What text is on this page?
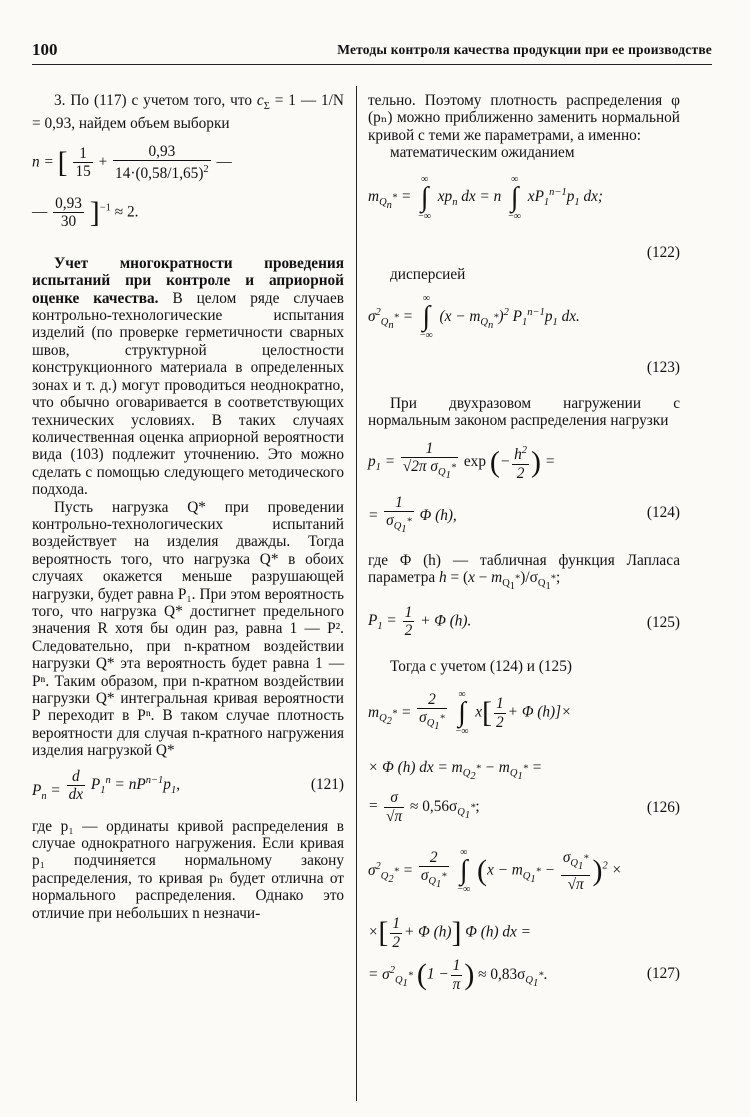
100	Методы контроля качества продукции при ее производстве

3. По (117) с учетом того, что $c_\Sigma = 1$ — 1/N = 0,93, найдем объем выборки

n = [ $\frac{1}{15} + \frac{0,93}{14\cdot(0,58/1,65)^2}$ —
— $\frac{0,93}{30} ]^{-1} \approx 2$.

Учет многократности проведения испытаний при контроле и априорной оценке качества. В целом ряде случаев контрольно-технологические испытания изделий (по проверке герметичности сварных швов, структурной целостности конструкционного материала в определенных зонах и т. д.) могут проводиться неоднократно, что обычно оговаривается в соответствующих технических условиях. В таких случаях количественная оценка априорной вероятности вида (103) подлежит уточнению. Это можно сделать с помощью следующего методического подхода.

Пусть нагрузка Q* при проведении контрольно-технологических испытаний воздействует на изделия дважды. Тогда вероятность того, что нагрузка Q* в обоих случаях окажется меньше разрушающей нагрузки, будет равна P₁. При этом вероятность того, что нагрузка Q* достигнет предельного значения R хотя бы один раз, равна 1 — P². Следовательно, при n-кратном воздействии нагрузки Q* эта вероятность будет равна 1 — Pⁿ. Таким образом, при n-кратном воздействии нагрузки Q* интегральная кривая вероятности P переходит в Pⁿ. В таком случае плотность вероятности для случая n-кратного нагружения изделия нагрузкой Q*

$P_n = \frac{d}{dx} P_1^n = nP^{n-1}p_1$,	(121)

где p₁ — ординаты кривой распределения в случае однократного нагружения. Если кривая p₁ подчиняется нормальному закону распределения, то кривая pₙ будет отлична от нормального распределения. Однако это отличие при небольших n незначи-

тельно. Поэтому плотность распределения φ (pₙ) можно приближенно заменить нормальной кривой с теми же параметрами, а именно:

математическим ожиданием

$m_{Q_n^*}$ =
∞
∫
−∞
$xp_n$ dx = n
∞
∫
−∞
$xP_1^{n-1}p_1$ dx;
(122)

дисперсией

$\sigma^2_{Q_n^*}$ =
∞
∫
−∞
$(x - m_{Q_n^*})^2$ $P_1^{n-1}p_1$ dx.
(123)

При двухразовом нагружении с нормальным законом распределения нагрузки

$p_1 = \frac{1}{√2\pi \sigma_{Q_1^*}}$ exp (− $\frac{h^2}{2}$ ) =
= $\frac{1}{\sigma_{Q_1^*}}$ Φ (h),	(124)

где Φ (h) — табличная функция Лапласа параметра $h = (x - m_{Q_1^*})/\sigma_{Q_1^*}$;

$P_1 = \frac{1}{2} + \Phi$ (h).	(125)

Тогда с учетом (124) и (125)

$m_{Q_2^*} = \frac{2}{\sigma_{Q_1^*}}$
∞
∫
−∞
$x[ \frac{1}{2} + \Phi$ (h)]×
× Φ (h) dx = $m_{Q_2^*} - m_{Q_1^*}$ =
= $\frac{\sigma}{√\pi} \approx 0,56\sigma_{Q_1^*}$;	(126)
$\sigma^2_{Q_2^*} = \frac{2}{\sigma_{Q_1^*}}$
∞
∫
−∞
$(x - m_{Q_1^*} - \frac{\sigma_{Q_1^*}}{√\pi} )^2$ ×
×[ $\frac{1}{2} + \Phi$ (h)] Φ (h) dx =
= $\sigma^2_{Q_1^*}$ ($1 - \frac{1}{\pi}$ ) ≈ $0,83\sigma_{Q_1^*}$.	(127)
